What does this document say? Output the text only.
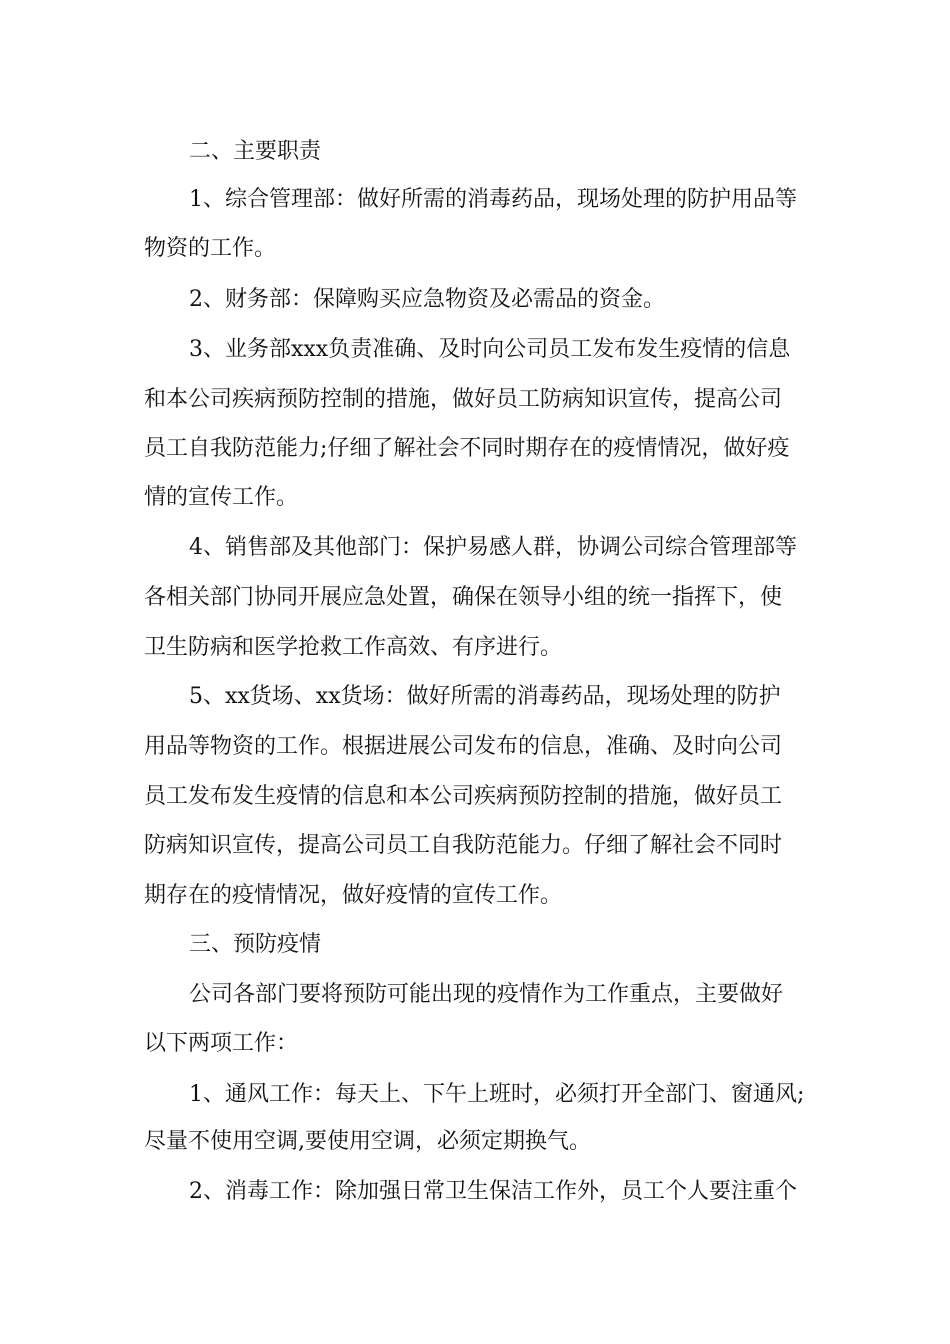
二、主要职责
1、综合管理部：做好所需的消毒药品，现场处理的防护用品等
物资的工作。
2、财务部：保障购买应急物资及必需品的资金。
3、业务部xxx负责准确、及时向公司员工发布发生疫情的信息
和本公司疾病预防控制的措施，做好员工防病知识宣传，提高公司
员工自我防范能力;仔细了解社会不同时期存在的疫情情况，做好疫
情的宣传工作。
4、销售部及其他部门：保护易感人群，协调公司综合管理部等
各相关部门协同开展应急处置，确保在领导小组的统一指挥下，使
卫生防病和医学抢救工作高效、有序进行。
5、xx货场、xx货场：做好所需的消毒药品，现场处理的防护
用品等物资的工作。根据进展公司发布的信息，准确、及时向公司
员工发布发生疫情的信息和本公司疾病预防控制的措施，做好员工
防病知识宣传，提高公司员工自我防范能力。仔细了解社会不同时
期存在的疫情情况，做好疫情的宣传工作。
三、预防疫情
公司各部门要将预防可能出现的疫情作为工作重点，主要做好
以下两项工作：
1、通风工作：每天上、下午上班时，必须打开全部门、窗通风;
尽量不使用空调,要使用空调，必须定期换气。
2、消毒工作：除加强日常卫生保洁工作外，员工个人要注重个
